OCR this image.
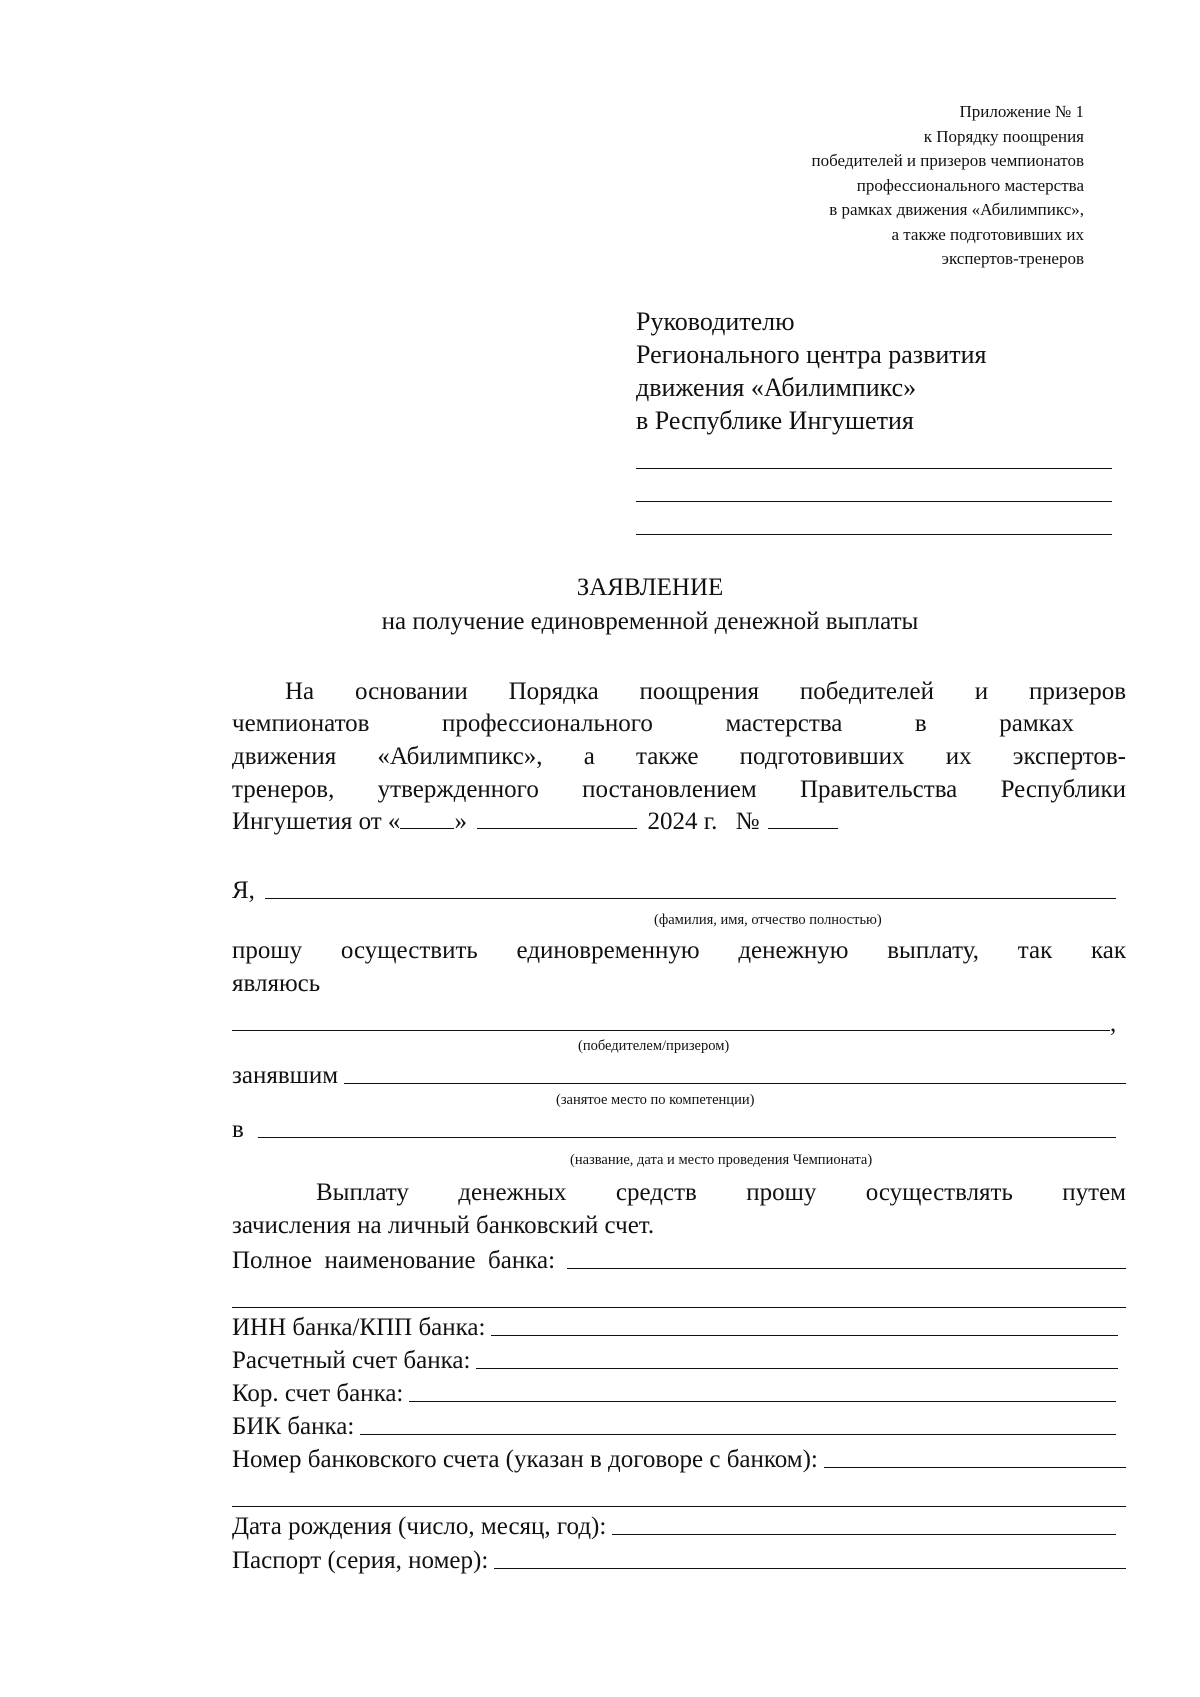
Приложение № 1
к Порядку поощрения
победителей и призеров чемпионатов
профессионального мастерства
в рамках движения «Абилимпикс»,
а также подготовивших их
экспертов-тренеров
Руководителю
Регионального центра развития
движения «Абилимпикс»
в Республике Ингушетия
ЗАЯВЛЕНИЕ
на получение единовременной денежной выплаты
На основании Порядка поощрения победителей и призеров
чемпионатов профессионального мастерства в рамках
движения «Абилимпикс», а также подготовивших их экспертов-
тренеров, утвержденного постановлением Правительства Республики
Ингушетия от « »	2024 г. №
Я,
(фамилия, имя, отчество полностью)
прошу осуществить единовременную денежную выплату, так как
являюсь
,
(победителем/призером)
занявшим
(занятое место по компетенции)
в
(название, дата и место проведения Чемпионата)
Выплату денежных средств прошу осуществлять путем
зачисления на личный банковский счет.
Полное  наименование  банка:
ИНН банка/КПП банка:
Расчетный счет банка:
Кор. счет банка:
БИК банка:
Номер банковского счета (указан в договоре с банком):
Дата рождения (число, месяц, год):
Паспорт (серия, номер):
